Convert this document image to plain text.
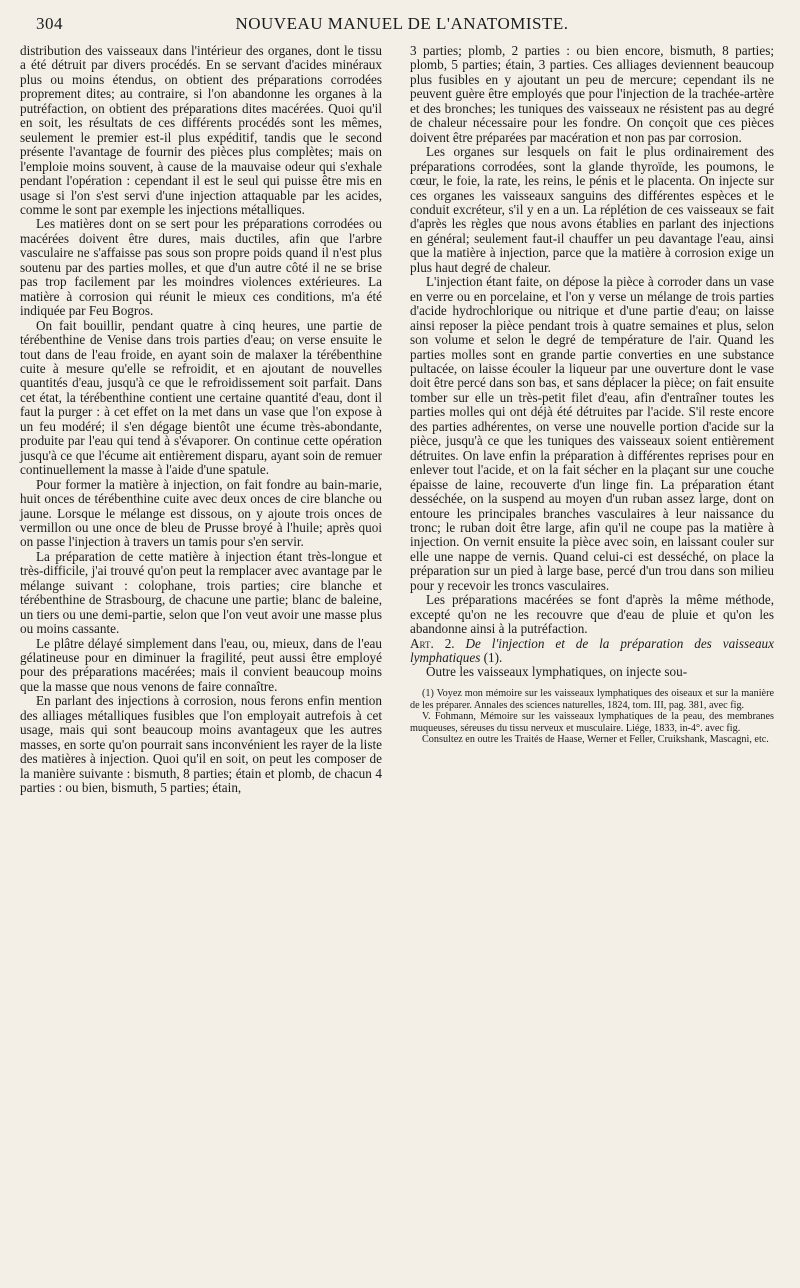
304	NOUVEAU MANUEL DE L'ANATOMISTE.

distribution des vaisseaux dans l'intérieur des organes, dont le tissu a été détruit par divers procédés. En se servant d'acides minéraux plus ou moins étendus, on obtient des préparations corrodées proprement dites; au contraire, si l'on abandonne les organes à la putréfaction, on obtient des préparations dites macérées. Quoi qu'il en soit, les résultats de ces différents procédés sont les mêmes, seulement le premier est-il plus expéditif, tandis que le second présente l'avantage de fournir des pièces plus complètes; mais on l'emploie moins souvent, à cause de la mauvaise odeur qui s'exhale pendant l'opération : cependant il est le seul qui puisse être mis en usage si l'on s'est servi d'une injection attaquable par les acides, comme le sont par exemple les injections métalliques.

Les matières dont on se sert pour les préparations corrodées ou macérées doivent être dures, mais ductiles, afin que l'arbre vasculaire ne s'affaisse pas sous son propre poids quand il n'est plus soutenu par des parties molles, et que d'un autre côté il ne se brise pas trop facilement par les moindres violences extérieures. La matière à corrosion qui réunit le mieux ces conditions, m'a été indiquée par Feu Bogros.

On fait bouillir, pendant quatre à cinq heures, une partie de térébenthine de Venise dans trois parties d'eau; on verse ensuite le tout dans de l'eau froide, en ayant soin de malaxer la térébenthine cuite à mesure qu'elle se refroidit, et en ajoutant de nouvelles quantités d'eau, jusqu'à ce que le refroidissement soit parfait. Dans cet état, la térébenthine contient une certaine quantité d'eau, dont il faut la purger : à cet effet on la met dans un vase que l'on expose à un feu modéré; il s'en dégage bientôt une écume très-abondante, produite par l'eau qui tend à s'évaporer. On continue cette opération jusqu'à ce que l'écume ait entièrement disparu, ayant soin de remuer continuellement la masse à l'aide d'une spatule.

Pour former la matière à injection, on fait fondre au bain-marie, huit onces de térébenthine cuite avec deux onces de cire blanche ou jaune. Lorsque le mélange est dissous, on y ajoute trois onces de vermillon ou une once de bleu de Prusse broyé à l'huile; après quoi on passe l'injection à travers un tamis pour s'en servir.

La préparation de cette matière à injection étant très-longue et très-difficile, j'ai trouvé qu'on peut la remplacer avec avantage par le mélange suivant : colophane, trois parties; cire blanche et térébenthine de Strasbourg, de chacune une partie; blanc de baleine, un tiers ou une demi-partie, selon que l'on veut avoir une masse plus ou moins cassante.

Le plâtre délayé simplement dans l'eau, ou, mieux, dans de l'eau gélatineuse pour en diminuer la fragilité, peut aussi être employé pour des préparations macérées; mais il convient beaucoup moins que la masse que nous venons de faire connaître.

En parlant des injections à corrosion, nous ferons enfin mention des alliages métalliques fusibles que l'on employait autrefois à cet usage, mais qui sont beaucoup moins avantageux que les autres masses, en sorte qu'on pourrait sans inconvénient les rayer de la liste des matières à injection. Quoi qu'il en soit, on peut les composer de la manière suivante : bismuth, 8 parties; étain et plomb, de chacun 4 parties : ou bien, bismuth, 5 parties; étain,

3 parties; plomb, 2 parties : ou bien encore, bismuth, 8 parties; plomb, 5 parties; étain, 3 parties. Ces alliages deviennent beaucoup plus fusibles en y ajoutant un peu de mercure; cependant ils ne peuvent guère être employés que pour l'injection de la trachée-artère et des bronches; les tuniques des vaisseaux ne résistent pas au degré de chaleur nécessaire pour les fondre. On conçoit que ces pièces doivent être préparées par macération et non pas par corrosion.

Les organes sur lesquels on fait le plus ordinairement des préparations corrodées, sont la glande thyroïde, les poumons, le cœur, le foie, la rate, les reins, le pénis et le placenta. On injecte sur ces organes les vaisseaux sanguins des différentes espèces et le conduit excréteur, s'il y en a un. La réplétion de ces vaisseaux se fait d'après les règles que nous avons établies en parlant des injections en général; seulement faut-il chauffer un peu davantage l'eau, ainsi que la matière à injection, parce que la matière à corrosion exige un plus haut degré de chaleur.

L'injection étant faite, on dépose la pièce à corroder dans un vase en verre ou en porcelaine, et l'on y verse un mélange de trois parties d'acide hydrochlorique ou nitrique et d'une partie d'eau; on laisse ainsi reposer la pièce pendant trois à quatre semaines et plus, selon son volume et selon le degré de température de l'air. Quand les parties molles sont en grande partie converties en une substance pultacée, on laisse écouler la liqueur par une ouverture dont le vase doit être percé dans son bas, et sans déplacer la pièce; on fait ensuite tomber sur elle un très-petit filet d'eau, afin d'entraîner toutes les parties molles qui ont déjà été détruites par l'acide. S'il reste encore des parties adhérentes, on verse une nouvelle portion d'acide sur la pièce, jusqu'à ce que les tuniques des vaisseaux soient entièrement détruites. On lave enfin la préparation à différentes reprises pour en enlever tout l'acide, et on la fait sécher en la plaçant sur une couche épaisse de laine, recouverte d'un linge fin. La préparation étant desséchée, on la suspend au moyen d'un ruban assez large, dont on entoure les principales branches vasculaires à leur naissance du tronc; le ruban doit être large, afin qu'il ne coupe pas la matière à injection. On vernit ensuite la pièce avec soin, en laissant couler sur elle une nappe de vernis. Quand celui-ci est desséché, on place la préparation sur un pied à large base, percé d'un trou dans son milieu pour y recevoir les troncs vasculaires.

Les préparations macérées se font d'après la même méthode, excepté qu'on ne les recouvre que d'eau de pluie et qu'on les abandonne ainsi à la putréfaction.

Art. 2. De l'injection et de la préparation des vaisseaux lymphatiques (1).

Outre les vaisseaux lymphatiques, on injecte sou-

(1) Voyez mon mémoire sur les vaisseaux lymphatiques des oiseaux et sur la manière de les préparer. Annales des sciences naturelles, 1824, tom. III, pag. 381, avec fig.

V. Fohmann, Mémoire sur les vaisseaux lymphatiques de la peau, des membranes muqueuses, séreuses du tissu nerveux et musculaire. Liége, 1833, in-4°. avec fig.

Consultez en outre les Traités de Haase, Werner et Feller, Cruikshank, Mascagni, etc.
